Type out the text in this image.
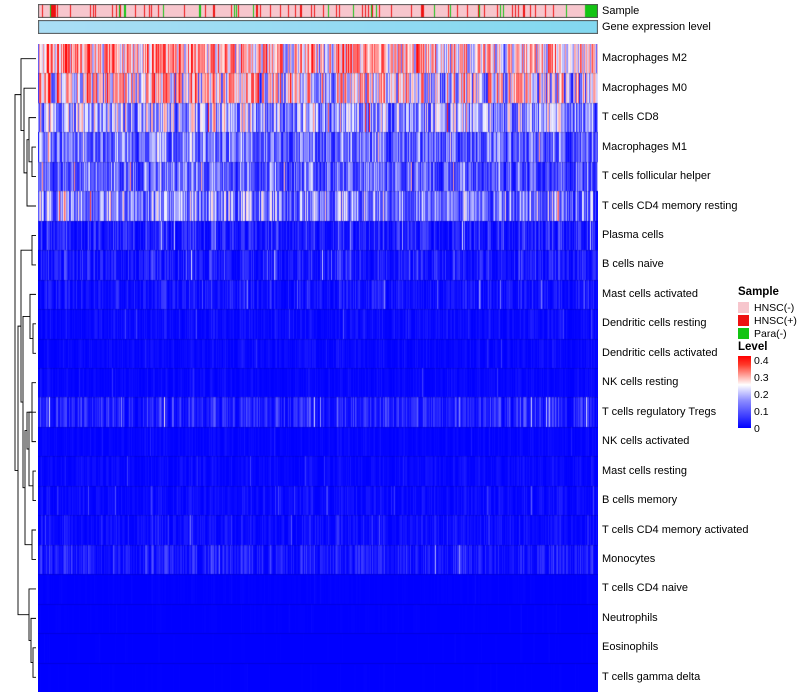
Sample
Gene expression level
Macrophages M2
Macrophages M0
T cells CD8
Macrophages M1
T cells follicular helper
T cells CD4 memory resting
Plasma cells
B cells naive
Mast cells activated
Dendritic cells resting
Dendritic cells activated
NK cells resting
T cells regulatory Tregs
NK cells activated
Mast cells resting
B cells memory
T cells CD4 memory activated
Monocytes
T cells CD4 naive
Neutrophils
Eosinophils
T cells gamma delta
Sample
HNSC(-)
HNSC(+)
Para(-)
Level
0.4
0.3
0.2
0.1
0
